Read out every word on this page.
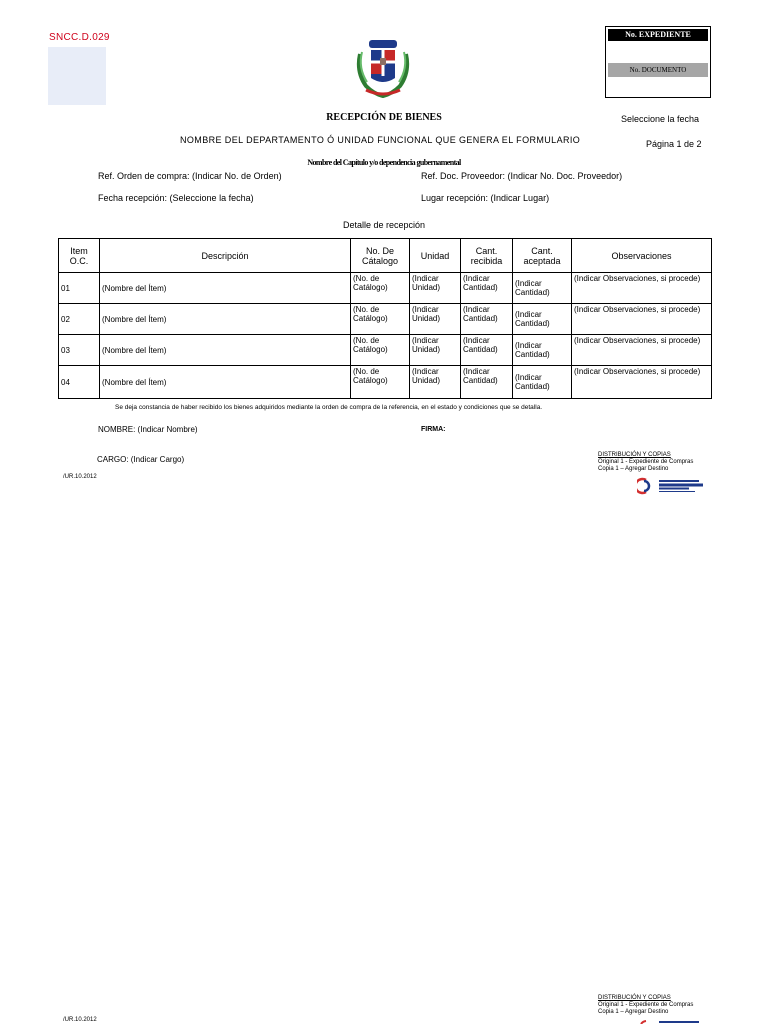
SNCC.D.029	No. EXPEDIENTE
No. DOCUMENTO
RECEPCIÓN DE BIENES	Seleccione la fecha
NOMBRE DEL DEPARTAMENTO Ó UNIDAD FUNCIONAL QUE GENERA EL FORMULARIO	Página 1 de 2
Nombre del Capítulo y/o dependencia gubernamental
Ref. Orden de compra: (Indicar No. de Orden)	Ref. Doc. Proveedor: (Indicar No. Doc. Proveedor)
Fecha recepción: (Seleccione la fecha)	Lugar recepción: (Indicar Lugar)
Detalle de recepción
Item O.C.	Descripción	No. De Cátalogo	Unidad	Cant. recibida	Cant. aceptada	Observaciones
01	(Nombre del Ítem)	(No. de Catálogo)	(Indicar Unidad)	(Indicar Cantidad)	(Indicar Cantidad)	(Indicar Observaciones, si procede)
02	(Nombre del Ítem)	(No. de Catálogo)	(Indicar Unidad)	(Indicar Cantidad)	(Indicar Cantidad)	(Indicar Observaciones, si procede)
03	(Nombre del Ítem)	(No. de Catálogo)	(Indicar Unidad)	(Indicar Cantidad)	(Indicar Cantidad)	(Indicar Observaciones, si procede)
04	(Nombre del Ítem)	(No. de Catálogo)	(Indicar Unidad)	(Indicar Cantidad)	(Indicar Cantidad)	(Indicar Observaciones, si procede)
Se deja constancia de haber recibido los bienes adquiridos mediante la orden de compra de la referencia, en el estado y condiciones que se detalla.
NOMBRE: (Indicar Nombre)	FIRMA:
CARGO: (Indicar Cargo)	DISTRIBUCIÓN Y COPIAS
Original 1 - Expediente de Compras
Copia 1 – Agregar Destino
/UR.10.2012
DISTRIBUCIÓN Y COPIAS
Original 1 - Expediente de Compras
Copia 1 – Agregar Destino
/UR.10.2012
